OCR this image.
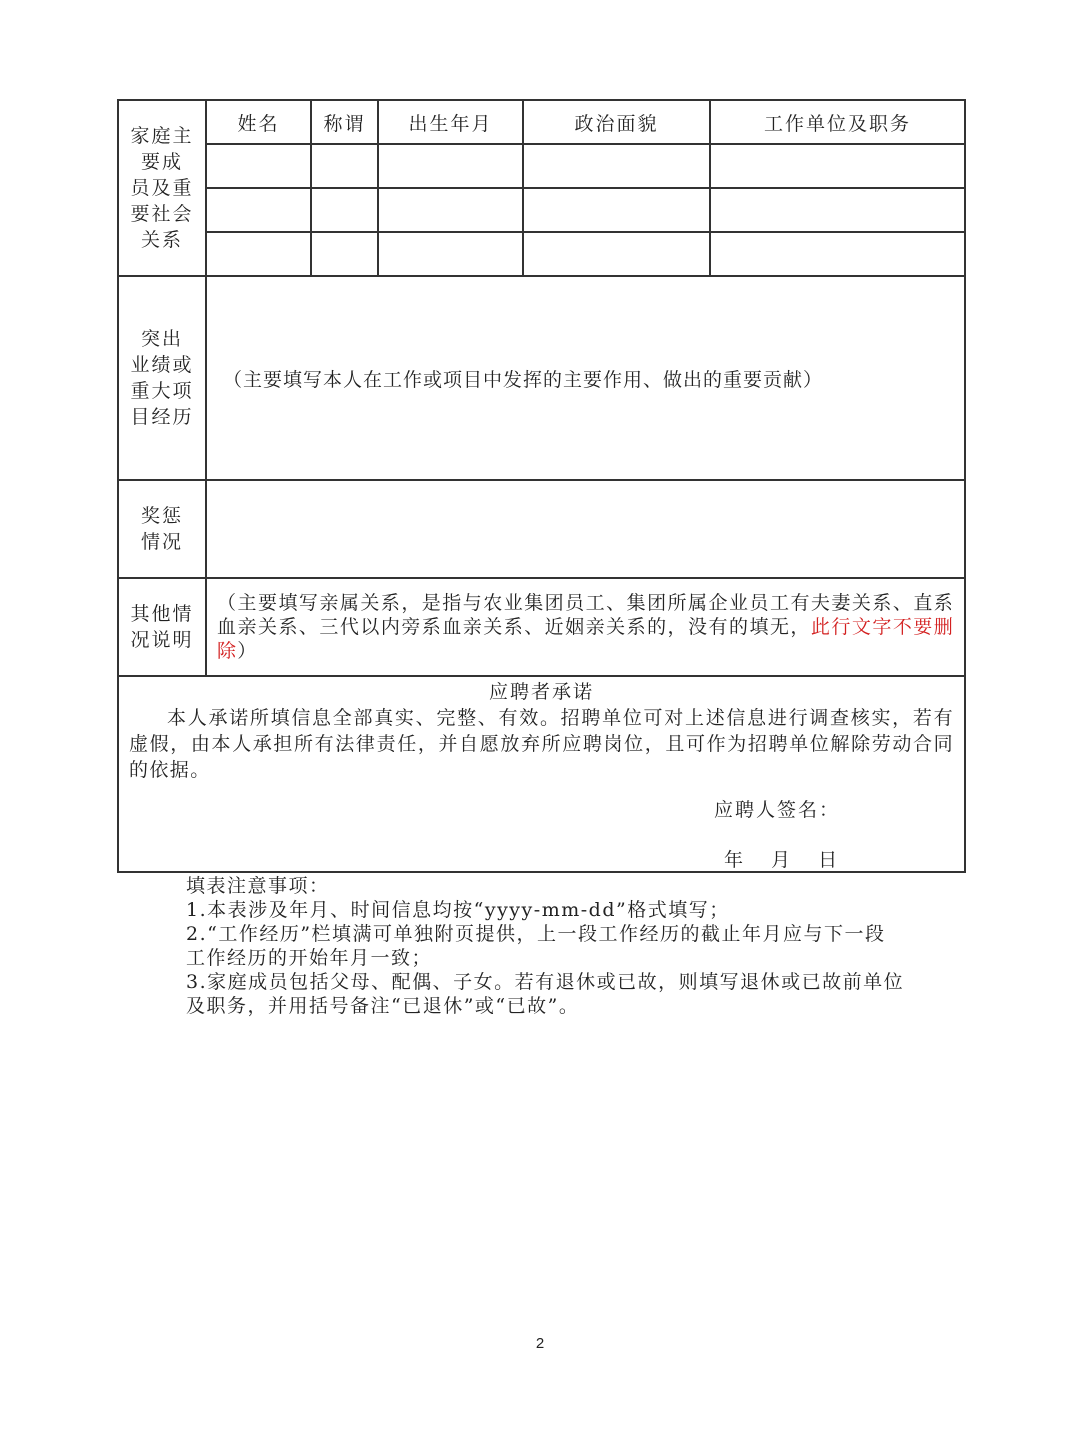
家庭主
要成
员及重
要社会
关系	姓名	称谓	出生年月	政治面貌	工作单位及职务

突出
业绩或
重大项
目经历	（主要填写本人在工作或项目中发挥的主要作用、做出的重要贡献）				

奖惩
情况					

其他情
况说明	（主要填写亲属关系，是指与农业集团员工、集团所属企业员工有夫妻关系、直系血亲关系、三代以内旁系血亲关系、近姻亲关系的，没有的填无，此行文字不要删除）				

应聘者承诺
本人承诺所填信息全部真实、完整、有效。招聘单位可对上述信息进行调查核实，若有虚假，由本人承担所有法律责任，并自愿放弃所应聘岗位，且可作为招聘单位解除劳动合同的依据。
应聘人签名：
年 月 日					

填表注意事项：

1.本表涉及年月、时间信息均按“yyyy-mm-dd”格式填写；

2.“工作经历”栏填满可单独附页提供，上一段工作经历的截止年月应与下一段

工作经历的开始年月一致；

3.家庭成员包括父母、配偶、子女。若有退休或已故，则填写退休或已故前单位

及职务，并用括号备注“已退休”或“已故”。

2
